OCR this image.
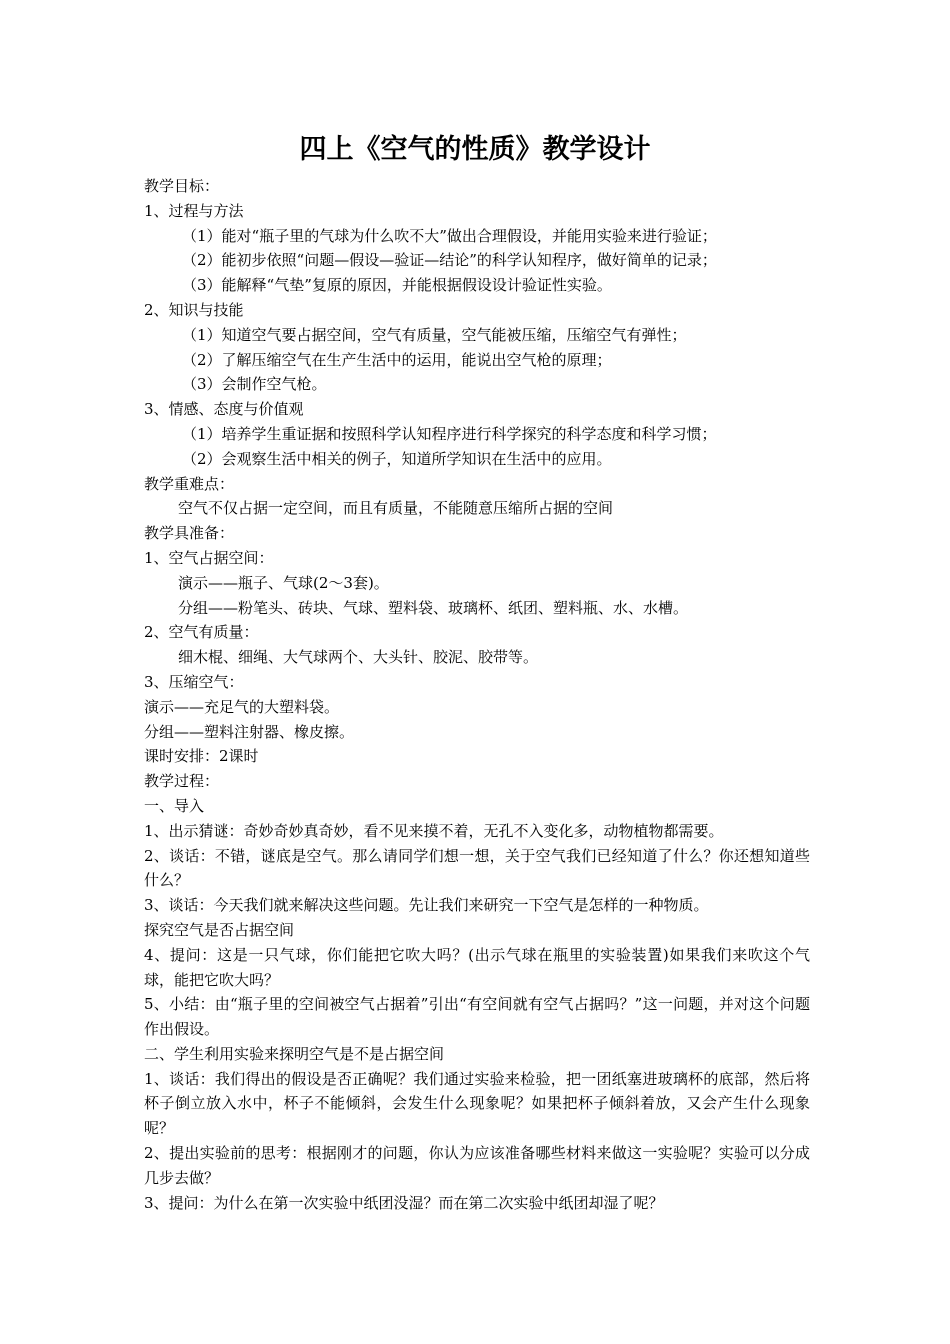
四上《空气的性质》教学设计

教学目标：

1、过程与方法

（1）能对“瓶子里的气球为什么吹不大”做出合理假设，并能用实验来进行验证；

（2）能初步依照“问题—假设—验证—结论”的科学认知程序，做好简单的记录；

（3）能解释“气垫”复原的原因，并能根据假设设计验证性实验。

2、知识与技能

（1）知道空气要占据空间，空气有质量，空气能被压缩，压缩空气有弹性；

（2）了解压缩空气在生产生活中的运用，能说出空气枪的原理；

（3）会制作空气枪。

3、情感、态度与价值观

（1）培养学生重证据和按照科学认知程序进行科学探究的科学态度和科学习惯；

（2）会观察生活中相关的例子，知道所学知识在生活中的应用。

教学重难点：

空气不仅占据一定空间，而且有质量，不能随意压缩所占据的空间

教学具准备：

1、空气占据空间：

演示——瓶子、气球(2～3套)。

分组——粉笔头、砖块、气球、塑料袋、玻璃杯、纸团、塑料瓶、水、水槽。

2、空气有质量：

细木棍、细绳、大气球两个、大头针、胶泥、胶带等。

3、压缩空气：

演示——充足气的大塑料袋。

分组——塑料注射器、橡皮擦。

课时安排：2课时

教学过程：

一、导入

1、出示猜谜：奇妙奇妙真奇妙，看不见来摸不着，无孔不入变化多，动物植物都需要。

2、谈话：不错，谜底是空气。那么请同学们想一想，关于空气我们已经知道了什么？你还想知道些什么？

3、谈话：今天我们就来解决这些问题。先让我们来研究一下空气是怎样的一种物质。

探究空气是否占据空间

4、提问：这是一只气球，你们能把它吹大吗？(出示气球在瓶里的实验装置)如果我们来吹这个气球，能把它吹大吗？

5、小结：由“瓶子里的空间被空气占据着”引出“有空间就有空气占据吗？”这一问题，并对这个问题作出假设。

二、学生利用实验来探明空气是不是占据空间

1、谈话：我们得出的假设是否正确呢？我们通过实验来检验，把一团纸塞进玻璃杯的底部，然后将杯子倒立放入水中，杯子不能倾斜，会发生什么现象呢？如果把杯子倾斜着放，又会产生什么现象呢？

2、提出实验前的思考：根据刚才的问题，你认为应该准备哪些材料来做这一实验呢？实验可以分成几步去做？

3、提问：为什么在第一次实验中纸团没湿？而在第二次实验中纸团却湿了呢？
